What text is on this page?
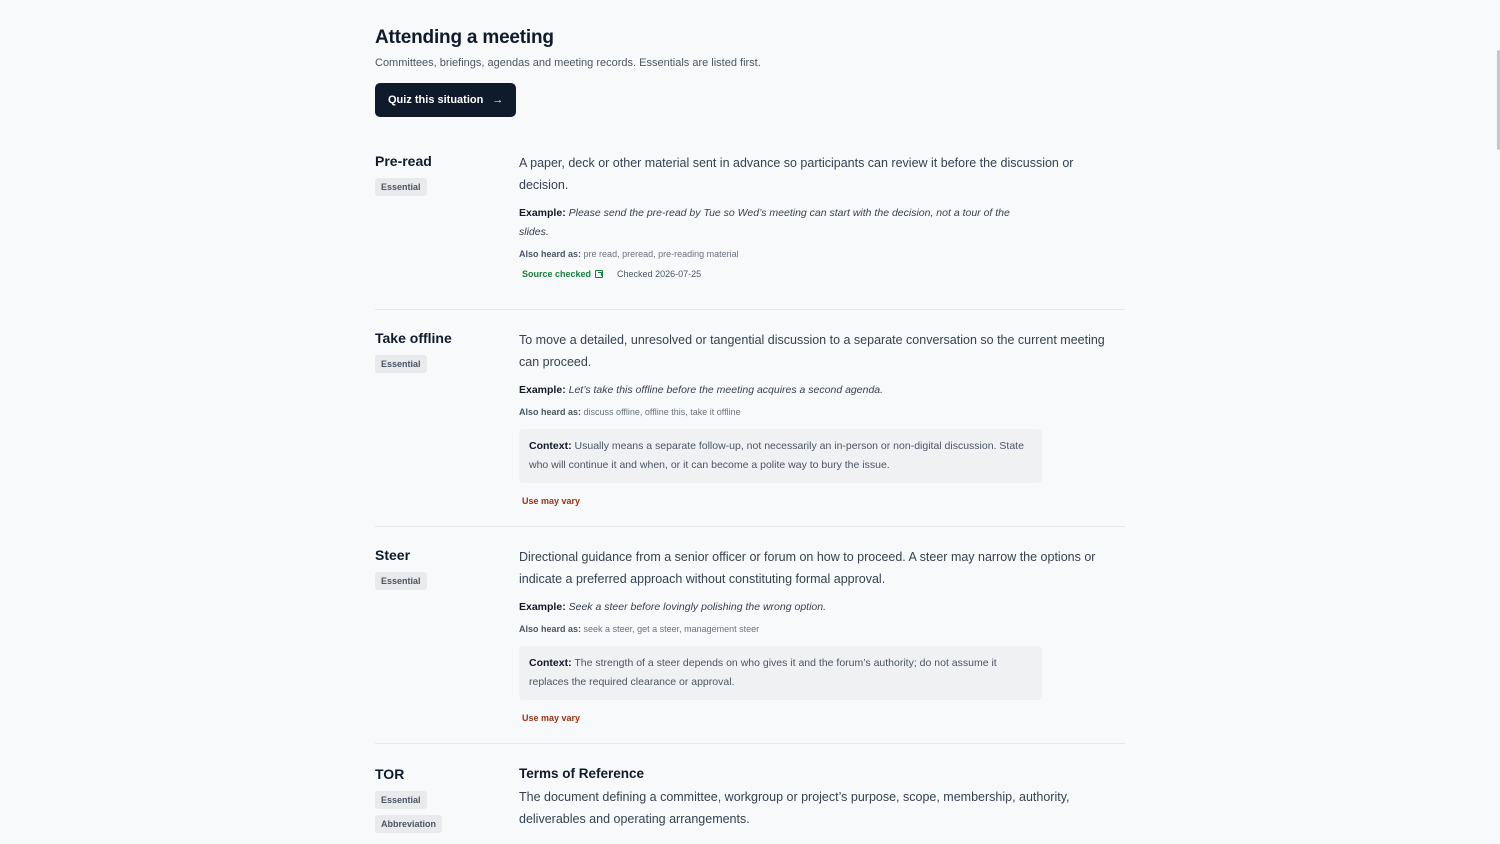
Attending a meeting

Committees, briefings, agendas and meeting records. Essentials are listed first.

Quiz this situation →
Pre-read
Essential

A paper, deck or other material sent in advance so participants can review it before the discussion or decision.

Example: Please send the pre-read by Tue so Wed’s meeting can start with the decision, not a tour of the slides.

Also heard as: pre read, preread, pre-reading material

Source checked	Checked 2026-07-25
Take offline
Essential

To move a detailed, unresolved or tangential discussion to a separate conversation so the current meeting can proceed.

Example: Let’s take this offline before the meeting acquires a second agenda.

Also heard as: discuss offline, offline this, take it offline

Context: Usually means a separate follow-up, not necessarily an in-person or non-digital discussion. State who will continue it and when, or it can become a polite way to bury the issue.

Use may vary

Steer
Essential

Directional guidance from a senior officer or forum on how to proceed. A steer may narrow the options or indicate a preferred approach without constituting formal approval.

Example: Seek a steer before lovingly polishing the wrong option.

Also heard as: seek a steer, get a steer, management steer

Context: The strength of a steer depends on who gives it and the forum’s authority; do not assume it replaces the required clearance or approval.

Use may vary

TOR
Essential
Abbreviation

Terms of Reference

The document defining a committee, workgroup or project’s purpose, scope, membership, authority, deliverables and operating arrangements.
